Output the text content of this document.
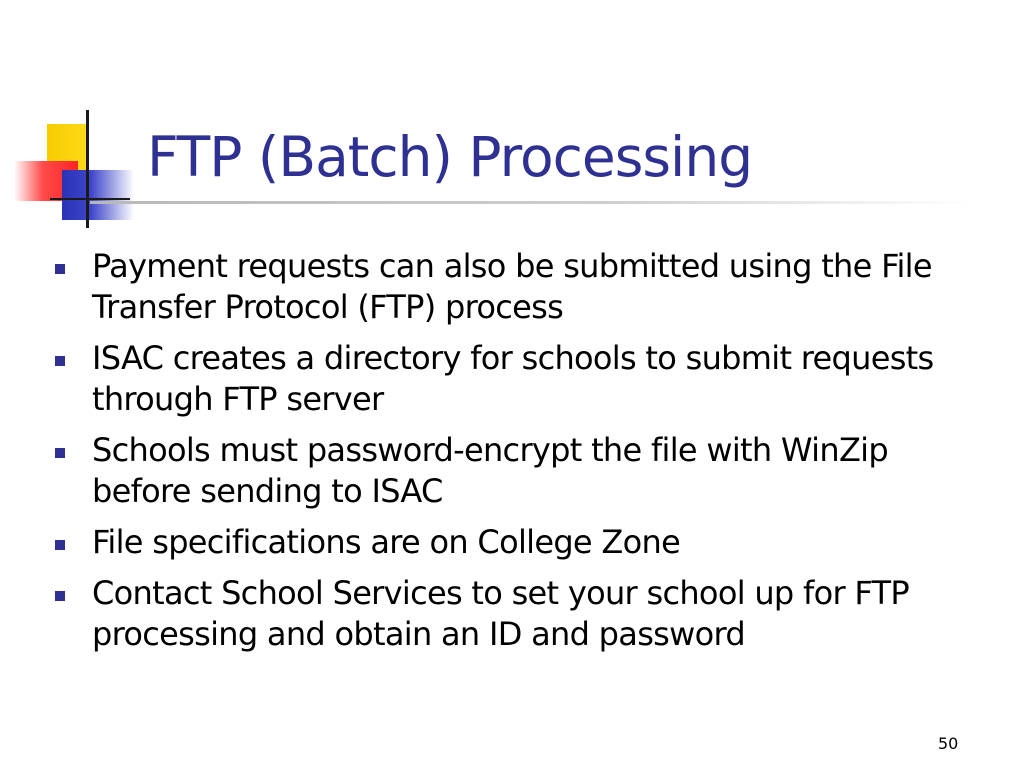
FTP (Batch) Processing
Payment requests can also be submitted using the File Transfer Protocol (FTP) process
ISAC creates a directory for schools to submit requests through FTP server
Schools must password-encrypt the file with WinZip before sending to ISAC
File specifications are on College Zone
Contact School Services to set your school up for FTP processing and obtain an ID and password
50
